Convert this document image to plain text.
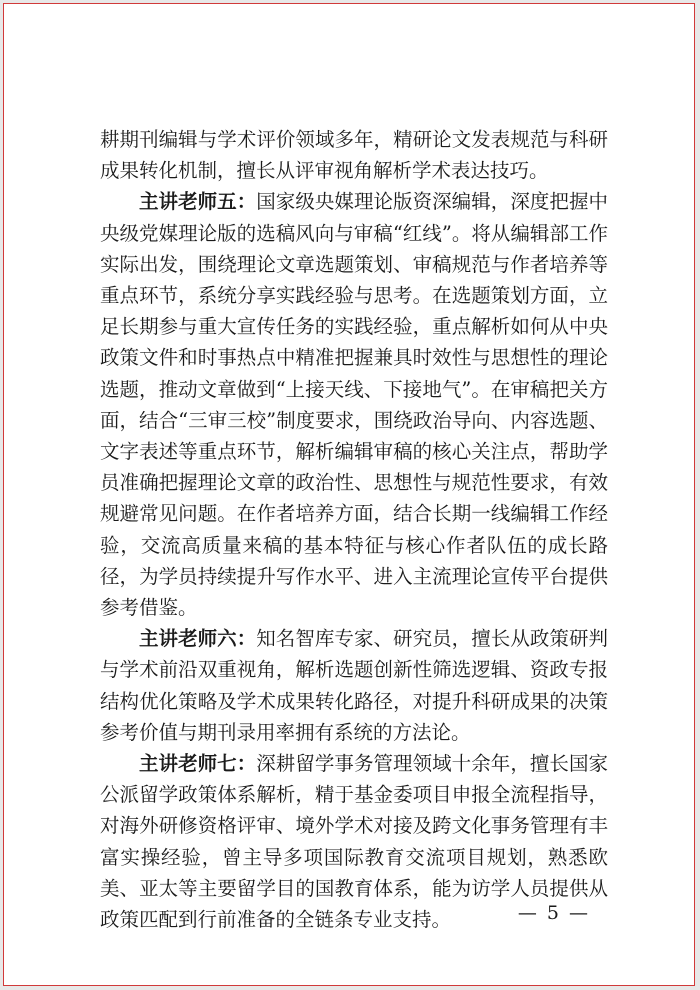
耕期刊编辑与学术评价领域多年，精研论文发表规范与科研成果转化机制，擅长从评审视角解析学术表达技巧。

主讲老师五：国家级央媒理论版资深编辑，深度把握中央级党媒理论版的选稿风向与审稿“红线”。将从编辑部工作实际出发，围绕理论文章选题策划、审稿规范与作者培养等重点环节，系统分享实践经验与思考。在选题策划方面，立足长期参与重大宣传任务的实践经验，重点解析如何从中央政策文件和时事热点中精准把握兼具时效性与思想性的理论选题，推动文章做到“上接天线、下接地气”。在审稿把关方面，结合“三审三校”制度要求，围绕政治导向、内容选题、文字表述等重点环节，解析编辑审稿的核心关注点，帮助学员准确把握理论文章的政治性、思想性与规范性要求，有效规避常见问题。在作者培养方面，结合长期一线编辑工作经验，交流高质量来稿的基本特征与核心作者队伍的成长路径，为学员持续提升写作水平、进入主流理论宣传平台提供参考借鉴。

主讲老师六：知名智库专家、研究员，擅长从政策研判与学术前沿双重视角，解析选题创新性筛选逻辑、资政专报结构优化策略及学术成果转化路径，对提升科研成果的决策参考价值与期刊录用率拥有系统的方法论。

主讲老师七：深耕留学事务管理领域十余年，擅长国家公派留学政策体系解析，精于基金委项目申报全流程指导，对海外研修资格评审、境外学术对接及跨文化事务管理有丰富实操经验，曾主导多项国际教育交流项目规划，熟悉欧美、亚太等主要留学目的国教育体系，能为访学人员提供从政策匹配到行前准备的全链条专业支持。	— 5 —
